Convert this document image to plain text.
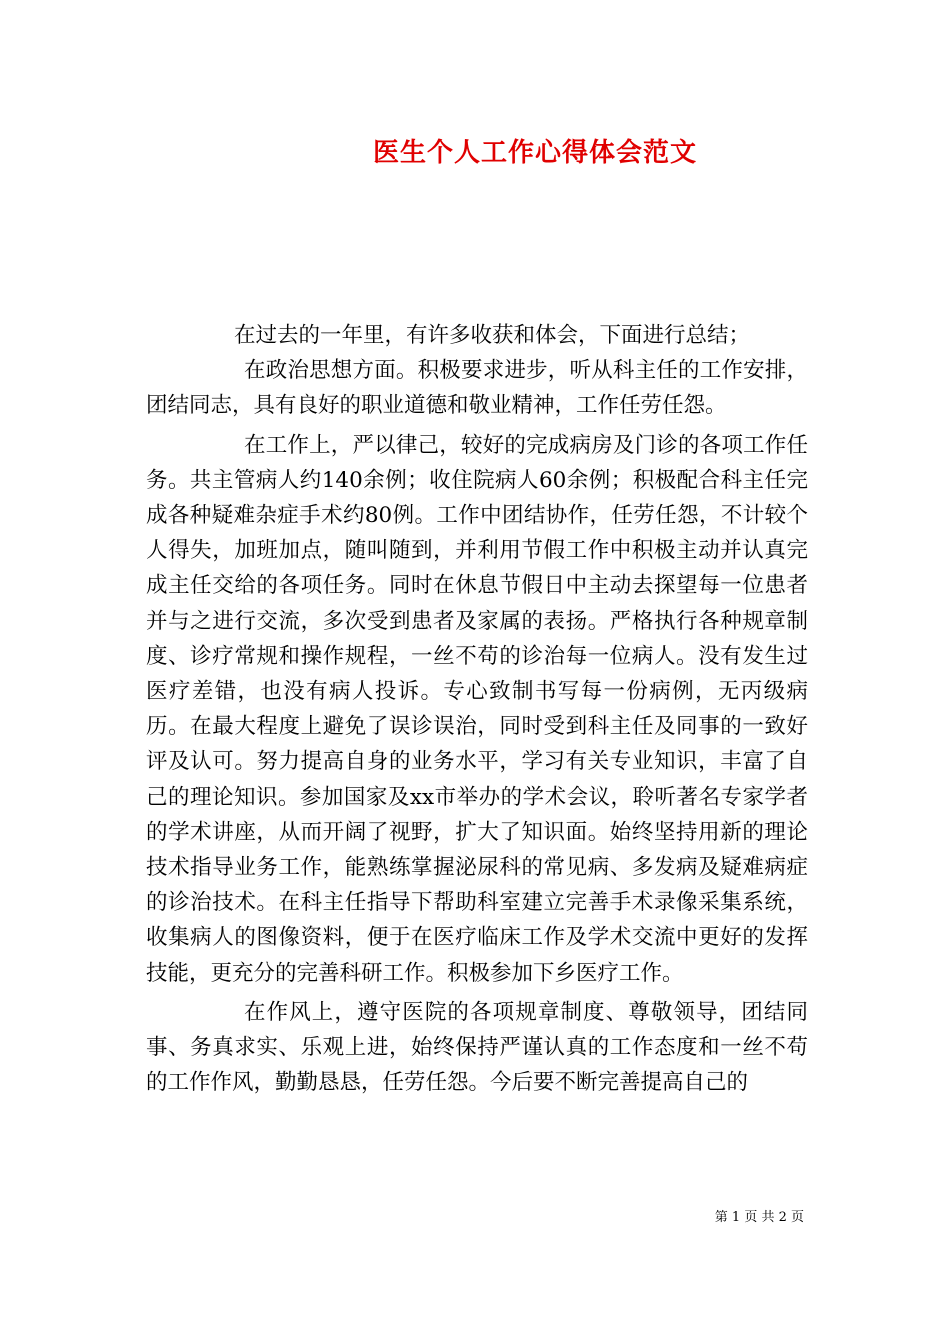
医生个人工作心得体会范文

在过去的一年里，有许多收获和体会，下面进行总结；

在政治思想方面。积极要求进步，听从科主任的工作安排，团结同志，具有良好的职业道德和敬业精神，工作任劳任怨。

在工作上，严以律己，较好的完成病房及门诊的各项工作任务。共主管病人约140余例；收住院病人60余例；积极配合科主任完成各种疑难杂症手术约80例。工作中团结协作，任劳任怨，不计较个人得失，加班加点，随叫随到，并利用节假工作中积极主动并认真完成主任交给的各项任务。同时在休息节假日中主动去探望每一位患者并与之进行交流，多次受到患者及家属的表扬。严格执行各种规章制度、诊疗常规和操作规程，一丝不苟的诊治每一位病人。没有发生过医疗差错，也没有病人投诉。专心致制书写每一份病例，无丙级病历。在最大程度上避免了误诊误治，同时受到科主任及同事的一致好评及认可。努力提高自身的业务水平，学习有关专业知识，丰富了自己的理论知识。参加国家及xx市举办的学术会议，聆听著名专家学者的学术讲座，从而开阔了视野，扩大了知识面。始终坚持用新的理论技术指导业务工作，能熟练掌握泌尿科的常见病、多发病及疑难病症的诊治技术。在科主任指导下帮助科室建立完善手术录像采集系统，收集病人的图像资料，便于在医疗临床工作及学术交流中更好的发挥技能，更充分的完善科研工作。积极参加下乡医疗工作。

在作风上，遵守医院的各项规章制度、尊敬领导，团结同事、务真求实、乐观上进，始终保持严谨认真的工作态度和一丝不苟的工作作风，勤勤恳恳，任劳任怨。今后要不断完善提高自己的

第 1 页 共 2 页
